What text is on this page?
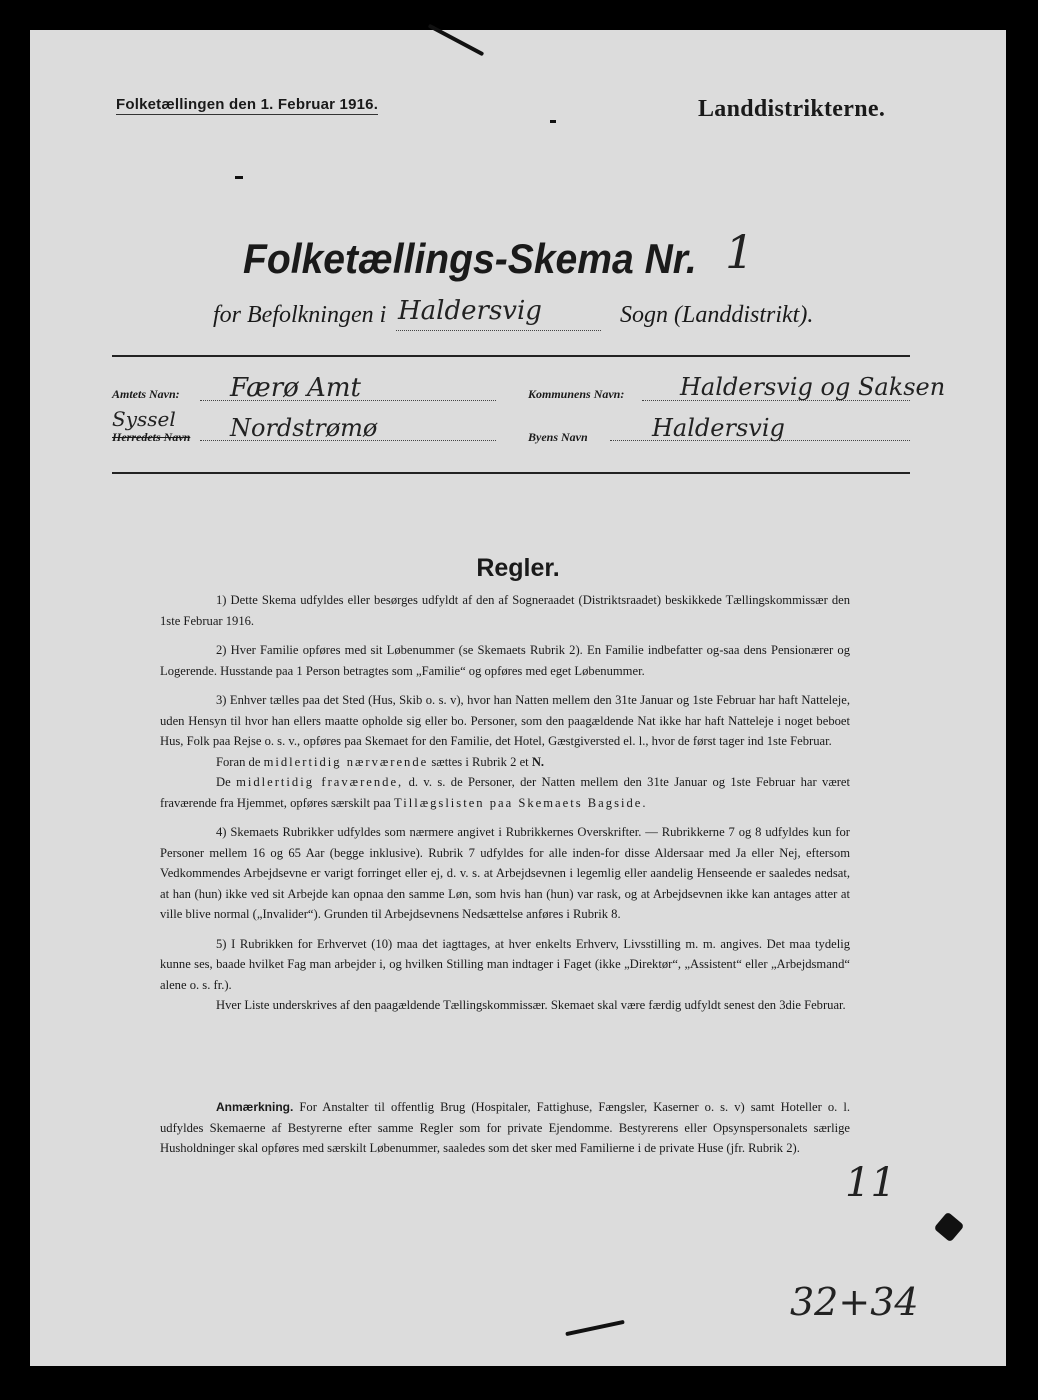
Folketællingen den 1. Februar 1916.	Landdistrikterne.
Folketællings-Skema Nr. 1
for Befolkningen i Haldersvig	Sogn (Landdistrikt).
Amtets Navn: Færø Amt	Kommunens Navn: Haldersvig og Saksen
Syssel
Herredets Navn Nordstrømø	Byens Navn	Haldersvig
Regler.

1) Dette Skema udfyldes eller besørges udfyldt af den af Sogneraadet (Distriktsraadet) beskikkede Tællingskommissær den 1ste Februar 1916.

2) Hver Familie opføres med sit Løbenummer (se Skemaets Rubrik 2). En Familie indbefatter og-saa dens Pensionærer og Logerende. Husstande paa 1 Person betragtes som „Familie“ og opføres med eget Løbenummer.

3) Enhver tælles paa det Sted (Hus, Skib o. s. v), hvor han Natten mellem den 31te Januar og 1ste Februar har haft Natteleje, uden Hensyn til hvor han ellers maatte opholde sig eller bo. Personer, som den paagældende Nat ikke har haft Natteleje i noget beboet Hus, Folk paa Rejse o. s. v., opføres paa Skemaet for den Familie, det Hotel, Gæstgiversted el. l., hvor de først tager ind 1ste Februar.

Foran de midlertidig nærværende sættes i Rubrik 2 et N.

De midlertidig fraværende, d. v. s. de Personer, der Natten mellem den 31te Januar og 1ste Februar har været fraværende fra Hjemmet, opføres særskilt paa Tillægslisten paa Skemaets Bagside.

4) Skemaets Rubrikker udfyldes som nærmere angivet i Rubrikkernes Overskrifter. — Rubrikkerne 7 og 8 udfyldes kun for Personer mellem 16 og 65 Aar (begge inklusive). Rubrik 7 udfyldes for alle inden-for disse Aldersaar med Ja eller Nej, eftersom Vedkommendes Arbejdsevne er varigt forringet eller ej, d. v. s. at Arbejdsevnen i legemlig eller aandelig Henseende er saaledes nedsat, at han (hun) ikke ved sit Arbejde kan opnaa den samme Løn, som hvis han (hun) var rask, og at Arbejdsevnen ikke kan antages atter at ville blive normal („Invalider“). Grunden til Arbejdsevnens Nedsættelse anføres i Rubrik 8.

5) I Rubrikken for Erhvervet (10) maa det iagttages, at hver enkelts Erhverv, Livsstilling m. m. angives. Det maa tydelig kunne ses, baade hvilket Fag man arbejder i, og hvilken Stilling man indtager i Faget (ikke „Direktør“, „Assistent“ eller „Arbejdsmand“ alene o. s. fr.).

Hver Liste underskrives af den paagældende Tællingskommissær. Skemaet skal være færdig udfyldt senest den 3die Februar.

Anmærkning. For Anstalter til offentlig Brug (Hospitaler, Fattighuse, Fængsler, Kaserner o. s. v) samt Hoteller o. l. udfyldes Skemaerne af Bestyrerne efter samme Regler som for private Ejendomme. Bestyrerens eller Opsynspersonalets særlige Husholdninger skal opføres med særskilt Løbenummer, saaledes som det sker med Familierne i de private Huse (jfr. Rubrik 2).
11
32+34
